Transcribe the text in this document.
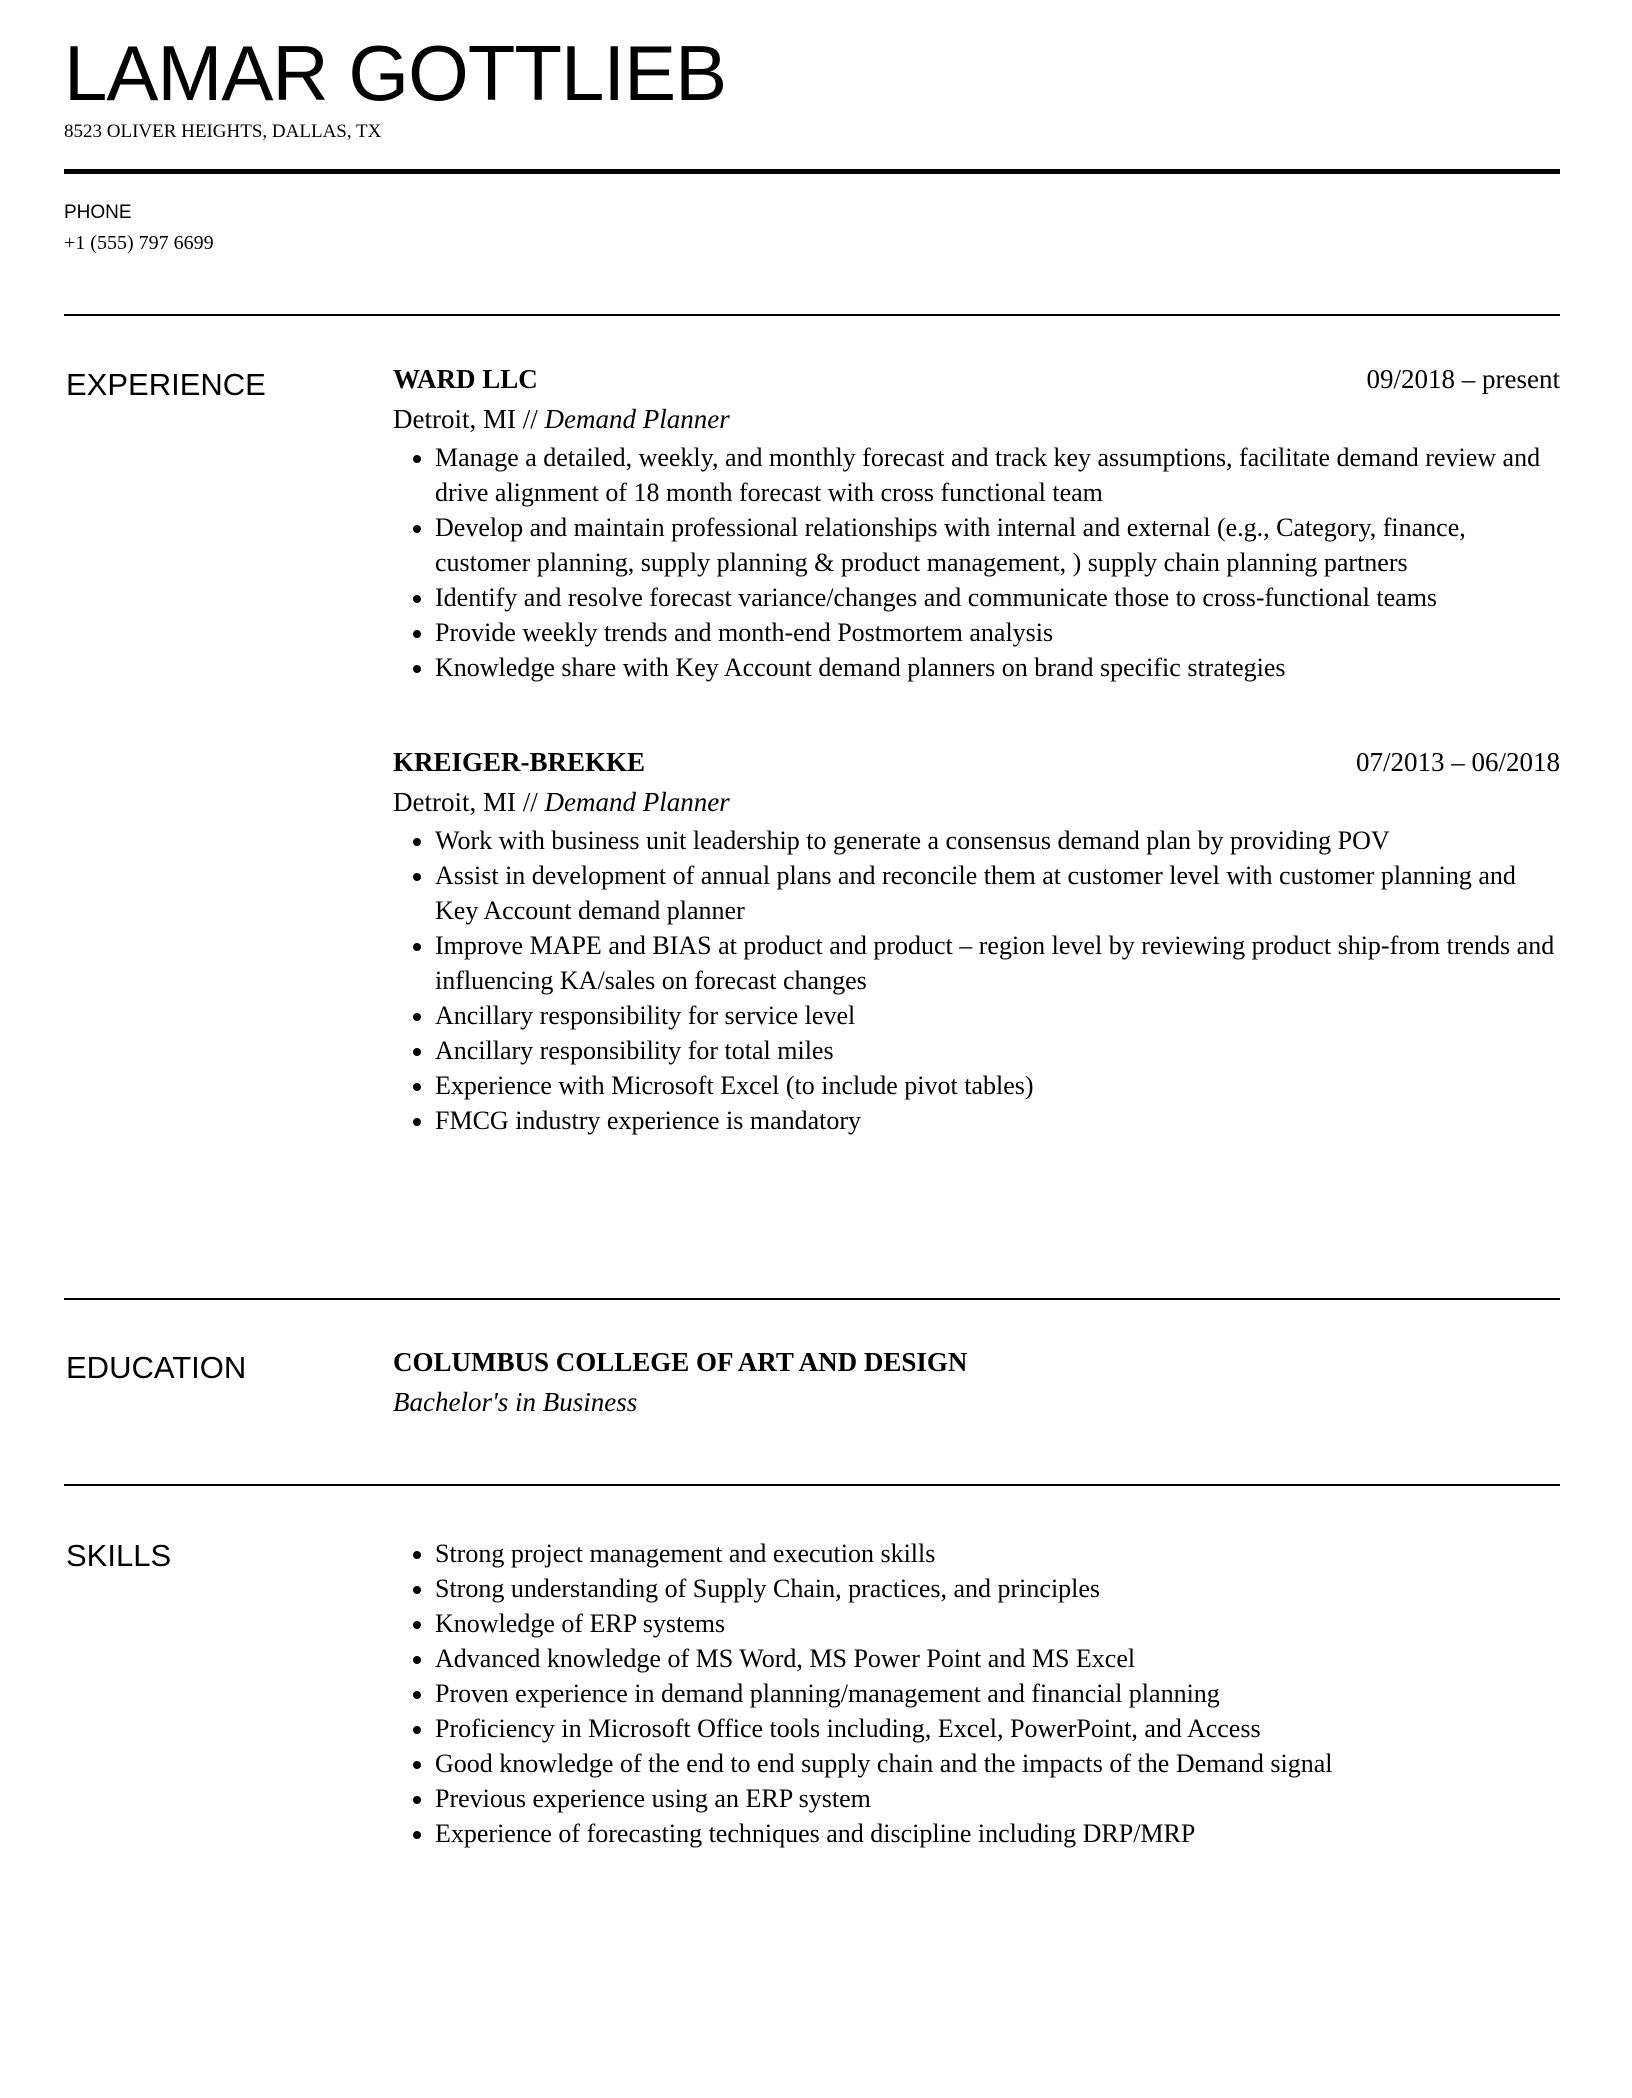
LAMAR GOTTLIEB
8523 OLIVER HEIGHTS, DALLAS, TX
PHONE
+1 (555) 797 6699
EXPERIENCE	WARD LLC	09/2018 – present
Detroit, MI // Demand Planner
• Manage a detailed, weekly, and monthly forecast and track key assumptions, facilitate demand review and drive alignment of 18 month forecast with cross functional team
• Develop and maintain professional relationships with internal and external (e.g., Category, finance, customer planning, supply planning & product management, ) supply chain planning partners
• Identify and resolve forecast variance/changes and communicate those to cross-functional teams
• Provide weekly trends and month-end Postmortem analysis
• Knowledge share with Key Account demand planners on brand specific strategies
KREIGER-BREKKE	07/2013 – 06/2018
Detroit, MI // Demand Planner
• Work with business unit leadership to generate a consensus demand plan by providing POV
• Assist in development of annual plans and reconcile them at customer level with customer planning and Key Account demand planner
• Improve MAPE and BIAS at product and product – region level by reviewing product ship-from trends and influencing KA/sales on forecast changes
• Ancillary responsibility for service level
• Ancillary responsibility for total miles
• Experience with Microsoft Excel (to include pivot tables)
• FMCG industry experience is mandatory
EDUCATION	COLUMBUS COLLEGE OF ART AND DESIGN
Bachelor's in Business
SKILLS	• Strong project management and execution skills
• Strong understanding of Supply Chain, practices, and principles
• Knowledge of ERP systems
• Advanced knowledge of MS Word, MS Power Point and MS Excel
• Proven experience in demand planning/management and financial planning
• Proficiency in Microsoft Office tools including, Excel, PowerPoint, and Access
• Good knowledge of the end to end supply chain and the impacts of the Demand signal
• Previous experience using an ERP system
• Experience of forecasting techniques and discipline including DRP/MRP
